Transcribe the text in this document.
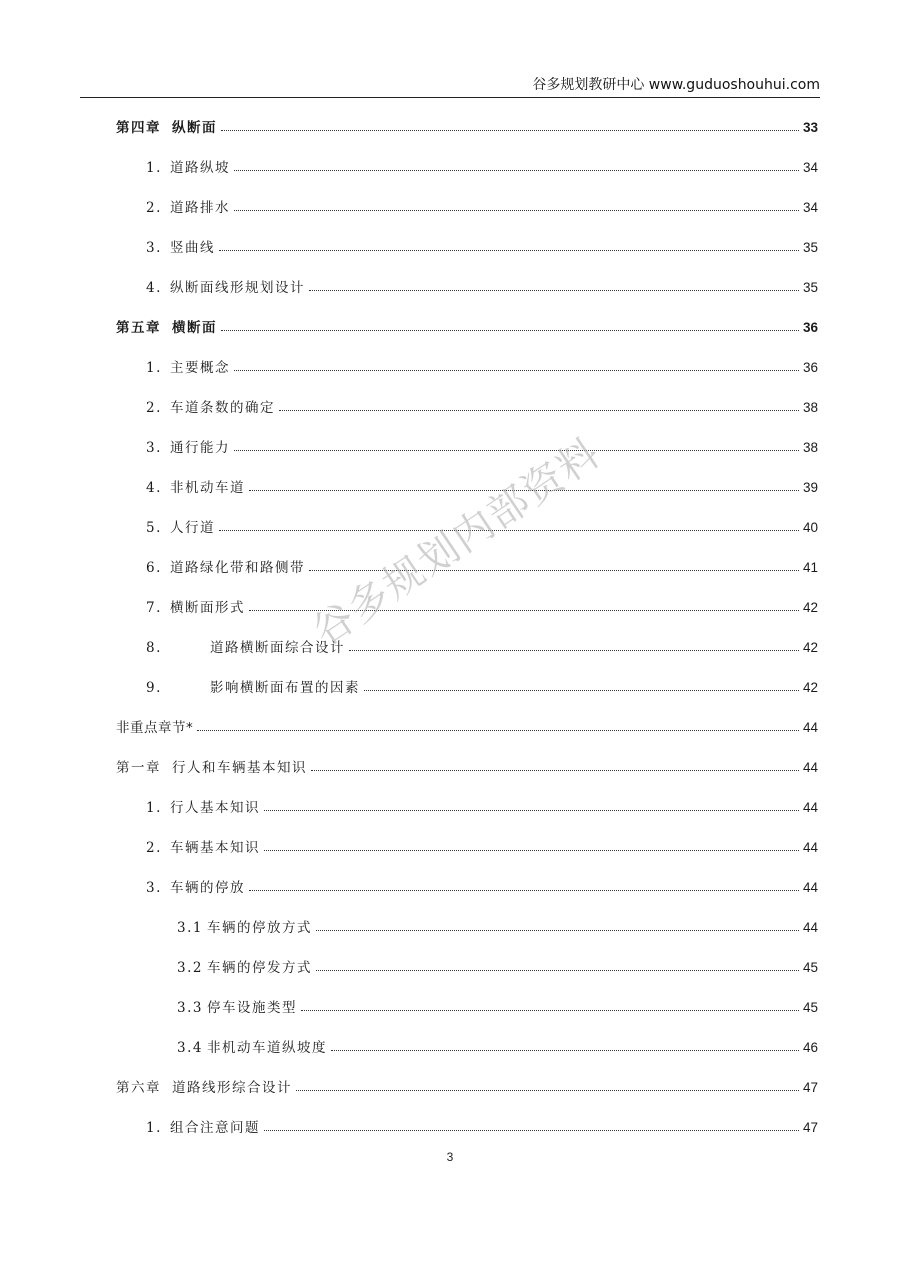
谷多规划教研中心 www.guduoshouhui.com
第四章 纵断面	33
1. 道路纵坡	34
2. 道路排水	34
3. 竖曲线	35
4. 纵断面线形规划设计	35
第五章 横断面	36
1. 主要概念	36
2. 车道条数的确定	38
3. 通行能力	38
4. 非机动车道	39
5. 人行道	40
6. 道路绿化带和路侧带	41
7. 横断面形式	42
8.	道路横断面综合设计	42
9.	影响横断面布置的因素	42
非重点章节*	44
第一章 行人和车辆基本知识	44
1. 行人基本知识	44
2. 车辆基本知识	44
3. 车辆的停放	44
3.1 车辆的停放方式	44
3.2 车辆的停发方式	45
3.3 停车设施类型	45
3.4 非机动车道纵坡度	46
第六章 道路线形综合设计	47
1. 组合注意问题	47
谷多规划内部资料
3
